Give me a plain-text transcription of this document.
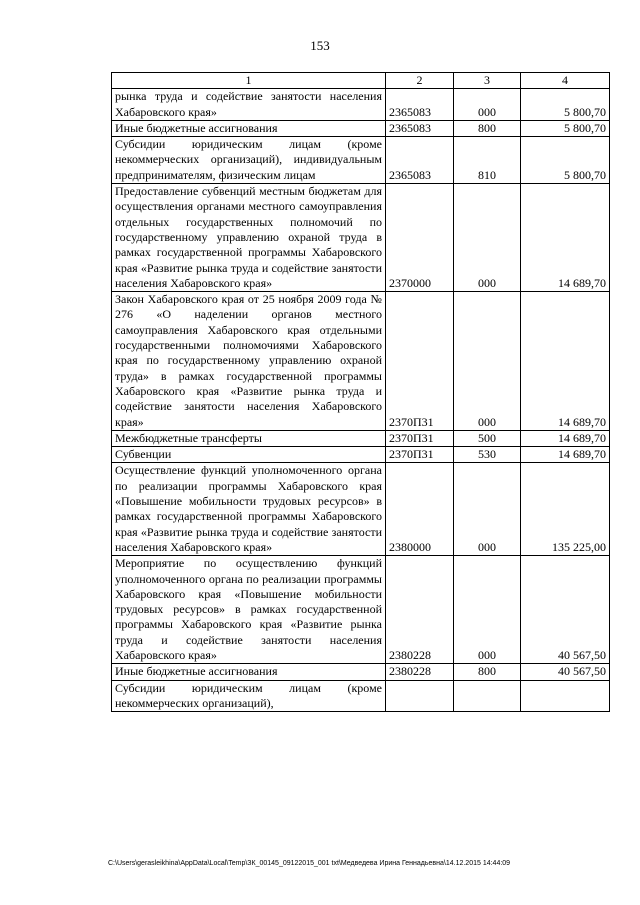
153
1	2	3	4
рынка труда и содействие занятости населения Хабаровского края»	2365083	000	5 800,70
Иные бюджетные ассигнования	2365083	800	5 800,70
Субсидии юридическим лицам (кроме некоммерческих организаций), индивидуальным предпринимателям, физическим лицам	2365083	810	5 800,70
Предоставление субвенций местным бюджетам для осуществления органами местного самоуправления отдельных государственных полномочий по государственному управлению охраной труда в рамках государственной программы Хабаровского края «Развитие рынка труда и содействие занятости населения Хабаровского края»	2370000	000	14 689,70
Закон Хабаровского края от 25 ноября 2009 года № 276 «О наделении органов местного самоуправления Хабаровского края отдельными государственными полномочиями Хабаровского края по государственному управлению охраной труда» в рамках государственной программы Хабаровского края «Развитие рынка труда и содействие занятости населения Хабаровского края»	2370П31	000	14 689,70
Межбюджетные трансферты	2370П31	500	14 689,70
Субвенции	2370П31	530	14 689,70
Осуществление функций уполномоченного органа по реализации программы Хабаровского края «Повышение мобильности трудовых ресурсов» в рамках государственной программы Хабаровского края «Развитие рынка труда и содействие занятости населения Хабаровского края»	2380000	000	135 225,00
Мероприятие по осуществлению функций уполномоченного органа по реализации программы Хабаровского края «Повышение мобильности трудовых ресурсов» в рамках государственной программы Хабаровского края «Развитие рынка труда и содействие занятости населения Хабаровского края»	2380228	000	40 567,50
Иные бюджетные ассигнования	2380228	800	40 567,50
Субсидии юридическим лицам (кроме некоммерческих организаций),			
C:\Users\gerasleikhina\AppData\Local\Temp\ЗК_00145_09122015_001 txt\Медведева Ирина Геннадьевна\14.12.2015 14:44:09
